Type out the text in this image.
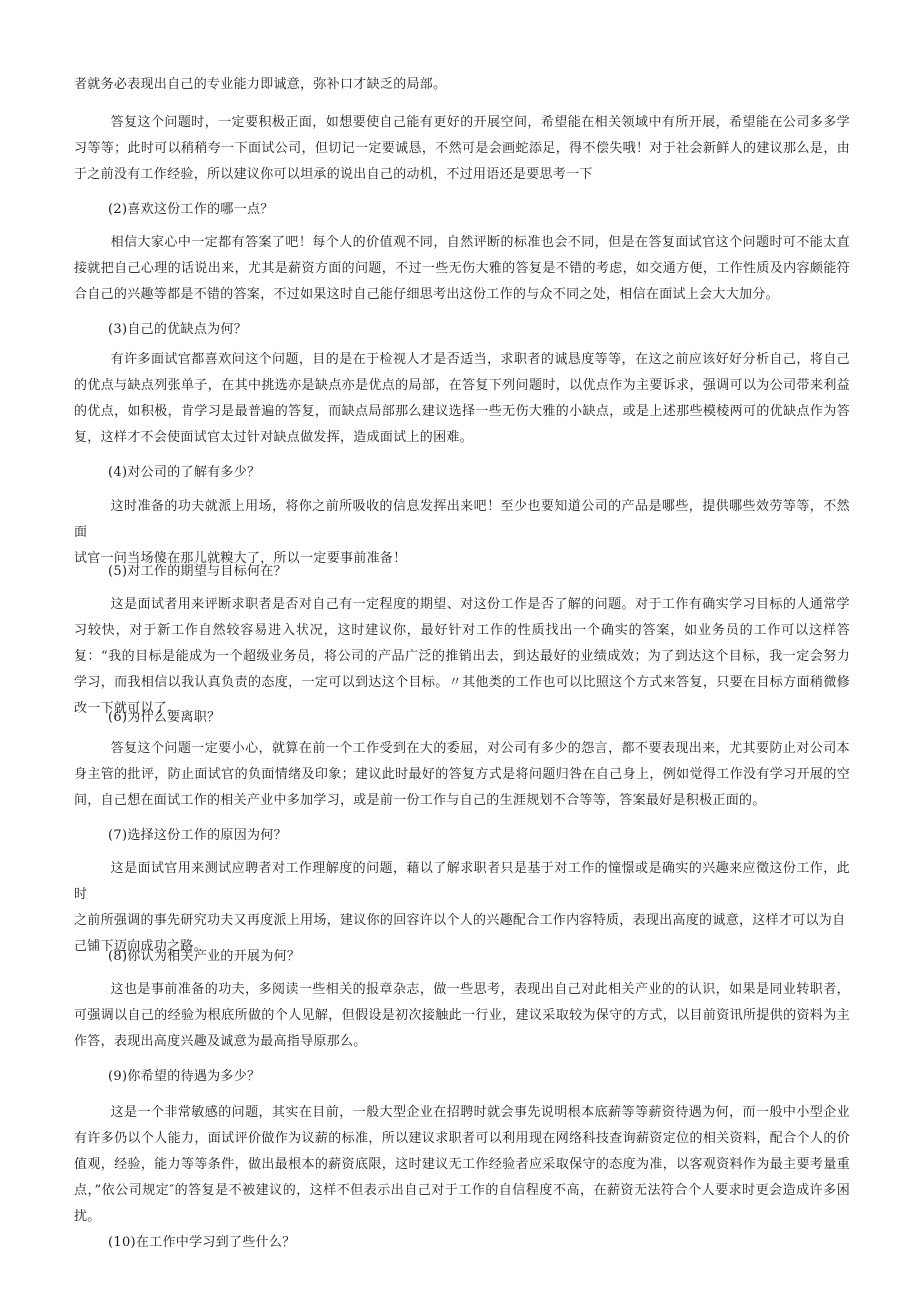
者就务必表现出自己的专业能力即诚意，弥补口才缺乏的局部。
答复这个问题时，一定要积极正面，如想要使自己能有更好的开展空间，希望能在相关领域中有所开展，希望能在公司多多学习等等；此时可以稍稍夸一下面试公司，但切记一定要诚恳，不然可是会画蛇添足，得不偿失哦！对于社会新鲜人的建议那么是，由于之前没有工作经验，所以建议你可以坦承的说出自己的动机，不过用语还是要思考一下
(2)喜欢这份工作的哪一点？
相信大家心中一定都有答案了吧！每个人的价值观不同，自然评断的标准也会不同，但是在答复面试官这个问题时可不能太直接就把自己心理的话说出来，尤其是薪资方面的问题，不过一些无伤大雅的答复是不错的考虑，如交通方便，工作性质及内容颇能符合自己的兴趣等都是不错的答案，不过如果这时自己能仔细思考出这份工作的与众不同之处，相信在面试上会大大加分。
(3)自己的优缺点为何？
有许多面试官都喜欢问这个问题，目的是在于检视人才是否适当，求职者的诚恳度等等，在这之前应该好好分析自己，将自己的优点与缺点列张单子，在其中挑选亦是缺点亦是优点的局部，在答复下列问题时，以优点作为主要诉求，强调可以为公司带来利益的优点，如积极，肯学习是最普遍的答复，而缺点局部那么建议选择一些无伤大雅的小缺点，或是上述那些模棱两可的优缺点作为答复，这样才不会使面试官太过针对缺点做发挥，造成面试上的困难。
(4)对公司的了解有多少？
这时准备的功夫就派上用场，将你之前所吸收的信息发挥出来吧！至少也要知道公司的产品是哪些，提供哪些效劳等等，不然面
试官一问当场傻在那儿就糗大了，所以一定要事前准备！
(5)对工作的期望与目标何在？
这是面试者用来评断求职者是否对自己有一定程度的期望、对这份工作是否了解的问题。对于工作有确实学习目标的人通常学习较快，对于新工作自然较容易进入状况，这时建议你，最好针对工作的性质找出一个确实的答案，如业务员的工作可以这样答复：“我的目标是能成为一个超级业务员，将公司的产品广泛的推销出去，到达最好的业绩成效；为了到达这个目标，我一定会努力学习，而我相信以我认真负责的态度，一定可以到达这个目标。〃其他类的工作也可以比照这个方式来答复，只要在目标方面稍微修改一下就可以了。
(6)为什么要离职？
答复这个问题一定要小心，就算在前一个工作受到在大的委屈，对公司有多少的怨言，都不要表现出来，尤其要防止对公司本身主管的批评，防止面试官的负面情绪及印象；建议此时最好的答复方式是将问题归咎在自己身上，例如觉得工作没有学习开展的空间，自己想在面试工作的相关产业中多加学习，或是前一份工作与自己的生涯规划不合等等，答案最好是积极正面的。
(7)选择这份工作的原因为何？
这是面试官用来测试应聘者对工作理解度的问题，藉以了解求职者只是基于对工作的憧憬或是确实的兴趣来应徵这份工作，此时
之前所强调的事先研究功夫又再度派上用场，建议你的回容许以个人的兴趣配合工作内容特质，表现出高度的诚意，这样才可以为自
己铺下迈向成功之路。
(8)你认为相关产业的开展为何？
这也是事前准备的功夫，多阅读一些相关的报章杂志，做一些思考，表现出自己对此相关产业的的认识，如果是同业转职者，可强调以自己的经验为根底所做的个人见解，但假设是初次接触此一行业，建议采取较为保守的方式，以目前资讯所提供的资料为主作答，表现出高度兴趣及诚意为最高指导原那么。
(9)你希望的待遇为多少？
这是一个非常敏感的问题，其实在目前，一般大型企业在招聘时就会事先说明根本底薪等等薪资待遇为何，而一般中小型企业有许多仍以个人能力，面试评价做作为议薪的标准，所以建议求职者可以利用现在网络科技查询薪资定位的相关资料，配合个人的价值观，经验，能力等等条件，做出最根本的薪资底限，这时建议无工作经验者应采取保守的态度为准，以客观资料作为最主要考量重点，”依公司规定″的答复是不被建议的，这样不但表示出自己对于工作的自信程度不高，在薪资无法符合个人要求时更会造成许多困扰。
(10)在工作中学习到了些什么？
